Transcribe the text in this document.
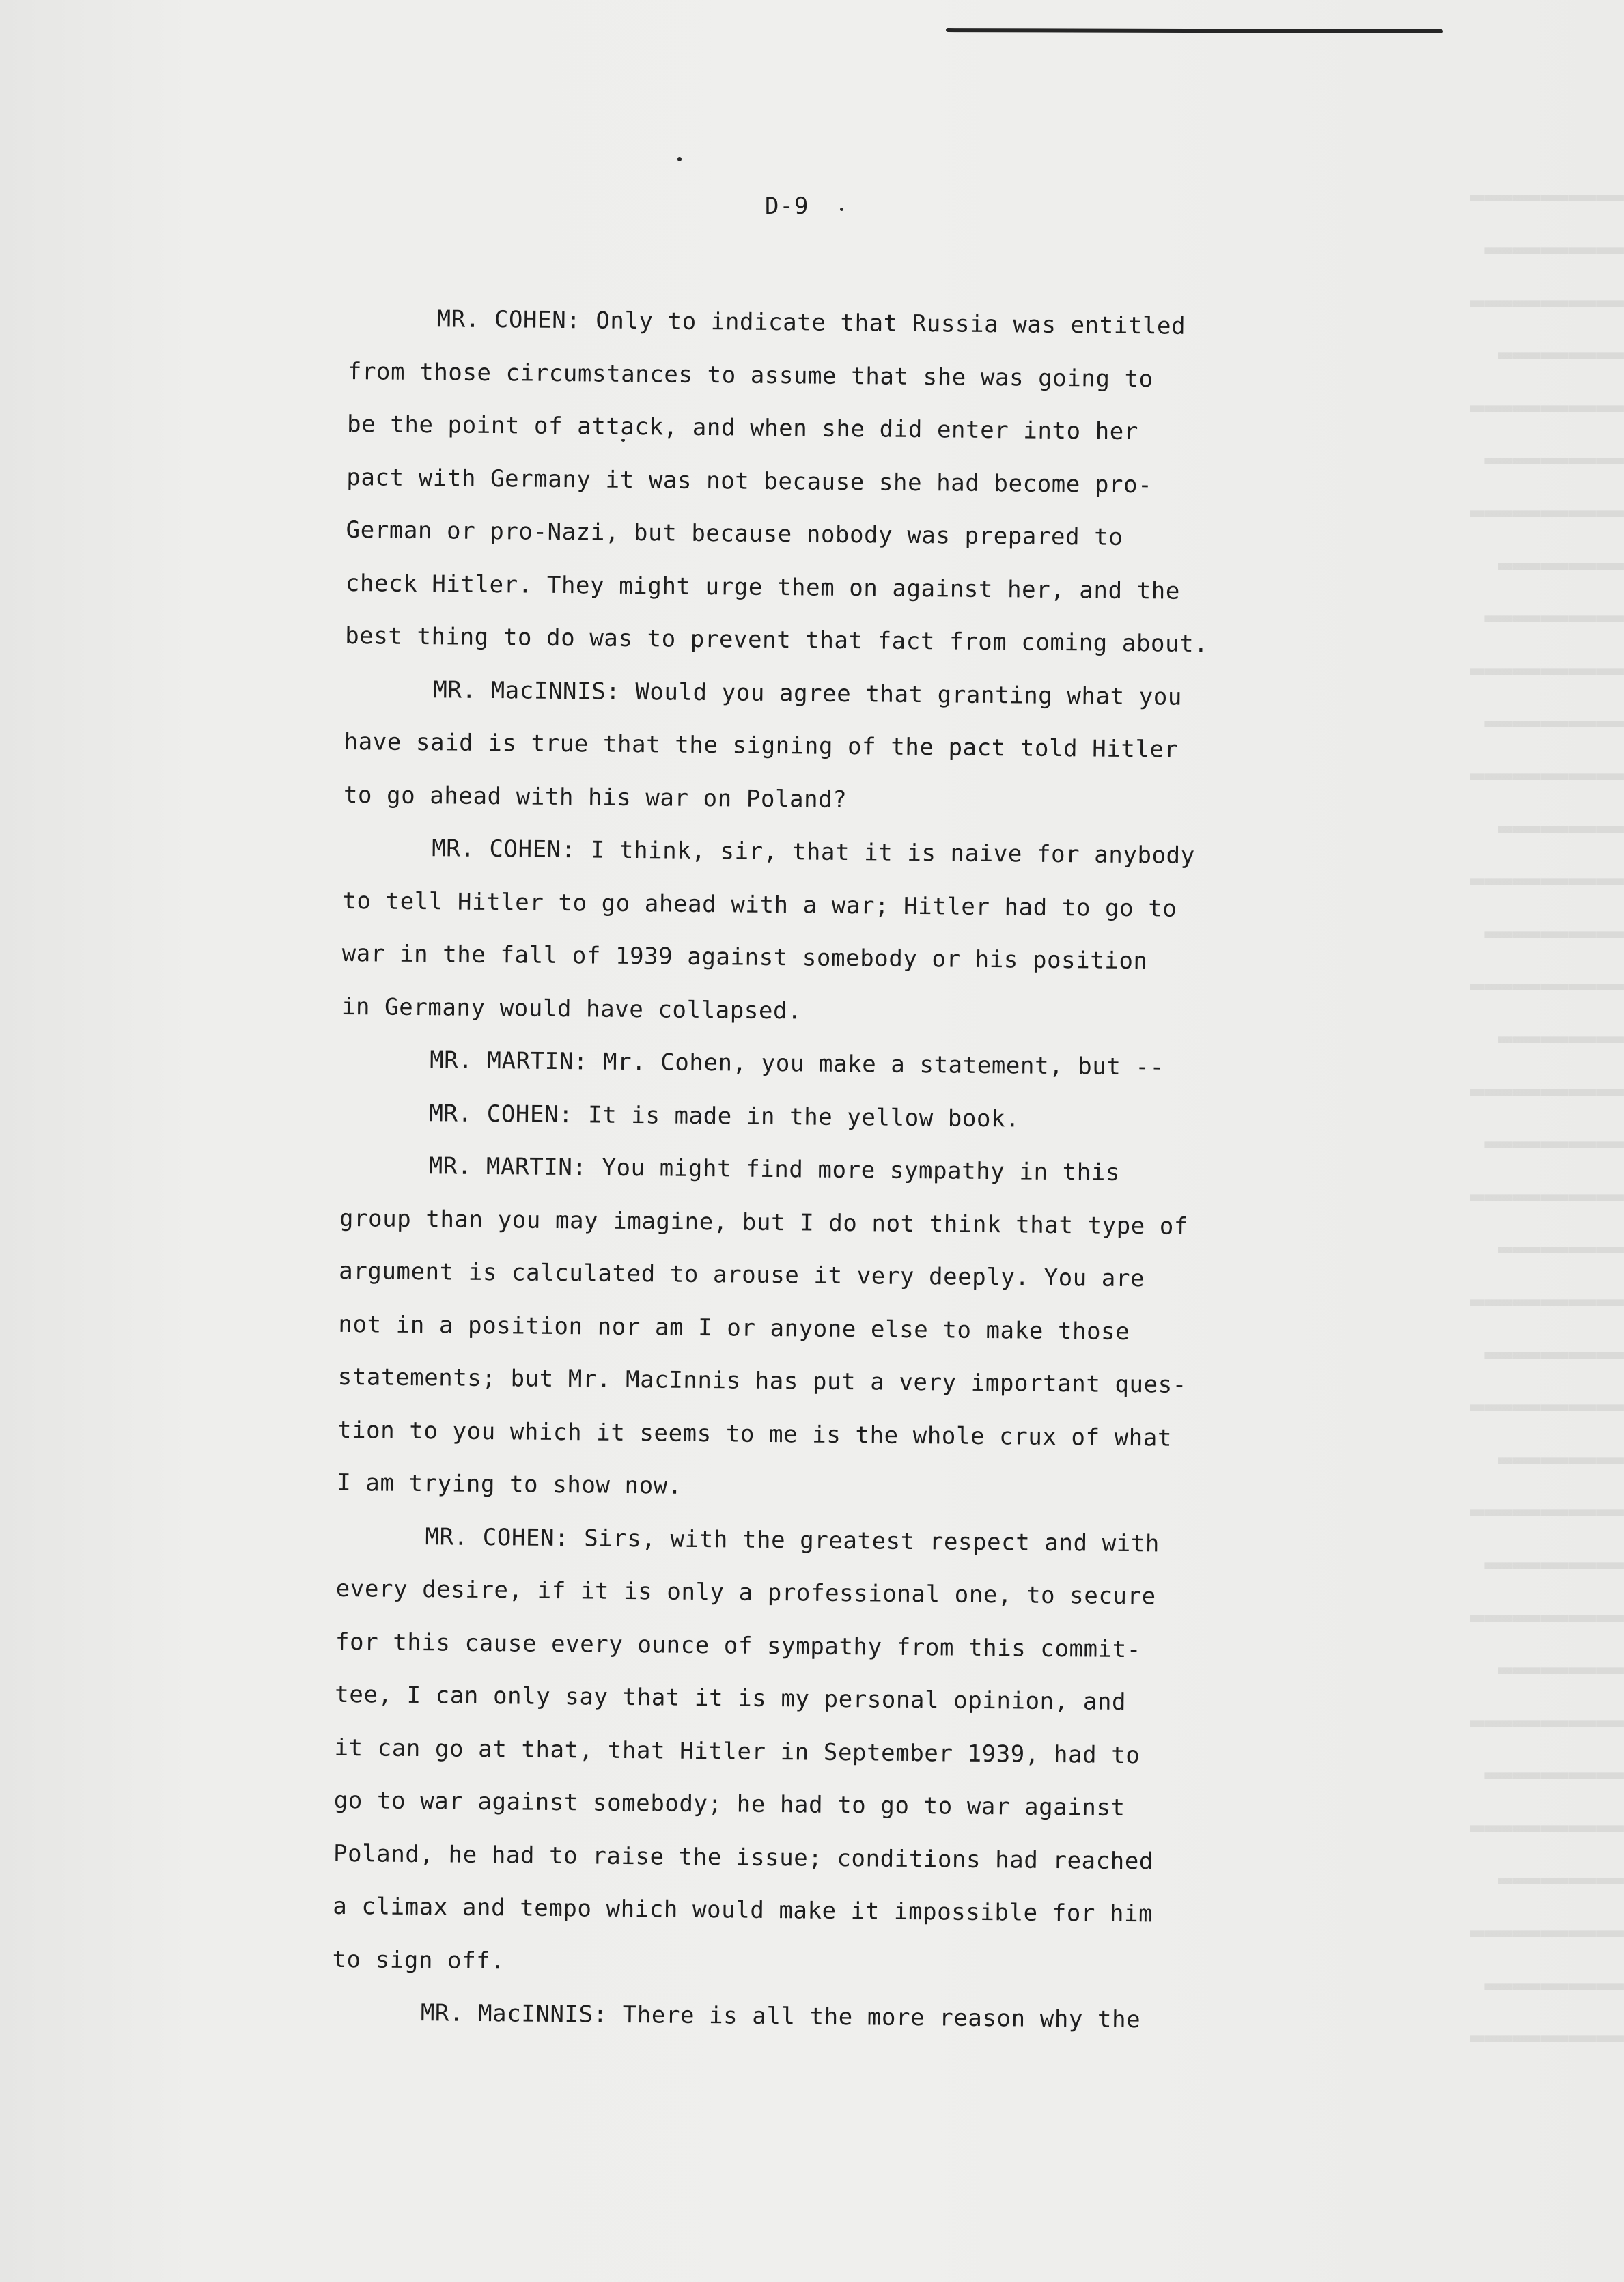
▬▬▬▬▬▬▬▬▬▬▬
▬▬▬▬▬▬▬▬▬▬
▬▬▬▬▬▬▬▬▬▬▬
▬▬▬▬▬▬▬▬▬
▬▬▬▬▬▬▬▬▬▬▬
▬▬▬▬▬▬▬▬▬▬
▬▬▬▬▬▬▬▬▬▬▬
▬▬▬▬▬▬▬▬▬
▬▬▬▬▬▬▬▬▬▬
▬▬▬▬▬▬▬▬▬▬▬
▬▬▬▬▬▬▬▬▬▬
▬▬▬▬▬▬▬▬▬▬▬
▬▬▬▬▬▬▬▬▬
▬▬▬▬▬▬▬▬▬▬▬
▬▬▬▬▬▬▬▬▬▬
▬▬▬▬▬▬▬▬▬▬▬
▬▬▬▬▬▬▬▬▬
▬▬▬▬▬▬▬▬▬▬▬
▬▬▬▬▬▬▬▬▬▬
▬▬▬▬▬▬▬▬▬▬▬
▬▬▬▬▬▬▬▬▬
▬▬▬▬▬▬▬▬▬▬▬
▬▬▬▬▬▬▬▬▬▬
▬▬▬▬▬▬▬▬▬▬▬
▬▬▬▬▬▬▬▬▬
▬▬▬▬▬▬▬▬▬▬▬
▬▬▬▬▬▬▬▬▬▬
▬▬▬▬▬▬▬▬▬▬▬
▬▬▬▬▬▬▬▬▬
▬▬▬▬▬▬▬▬▬▬▬
▬▬▬▬▬▬▬▬▬▬
▬▬▬▬▬▬▬▬▬▬▬
▬▬▬▬▬▬▬▬▬
▬▬▬▬▬▬▬▬▬▬▬
▬▬▬▬▬▬▬▬▬▬
▬▬▬▬▬▬▬▬▬▬▬
D-9

MR. COHEN: Only to indicate that Russia was entitled
from those circumstances to assume that she was going to
be the point of attack, and when she did enter into her
pact with Germany it was not because she had become pro-
German or pro-Nazi, but because nobody was prepared to
check Hitler. They might urge them on against her, and the
best thing to do was to prevent that fact from coming about.

MR. MacINNIS: Would you agree that granting what you
have said is true that the signing of the pact told Hitler
to go ahead with his war on Poland?

MR. COHEN: I think, sir, that it is naive for anybody
to tell Hitler to go ahead with a war; Hitler had to go to
war in the fall of 1939 against somebody or his position
in Germany would have collapsed.

MR. MARTIN: Mr. Cohen, you make a statement, but --

MR. COHEN: It is made in the yellow book.

MR. MARTIN: You might find more sympathy in this
group than you may imagine, but I do not think that type of
argument is calculated to arouse it very deeply. You are
not in a position nor am I or anyone else to make those
statements; but Mr. MacInnis has put a very important ques-
tion to you which it seems to me is the whole crux of what
I am trying to show now.

MR. COHEN: Sirs, with the greatest respect and with
every desire, if it is only a professional one, to secure
for this cause every ounce of sympathy from this commit-
tee, I can only say that it is my personal opinion, and
it can go at that, that Hitler in September 1939, had to
go to war against somebody; he had to go to war against
Poland, he had to raise the issue; conditions had reached
a climax and tempo which would make it impossible for him
to sign off.

MR. MacINNIS: There is all the more reason why the
